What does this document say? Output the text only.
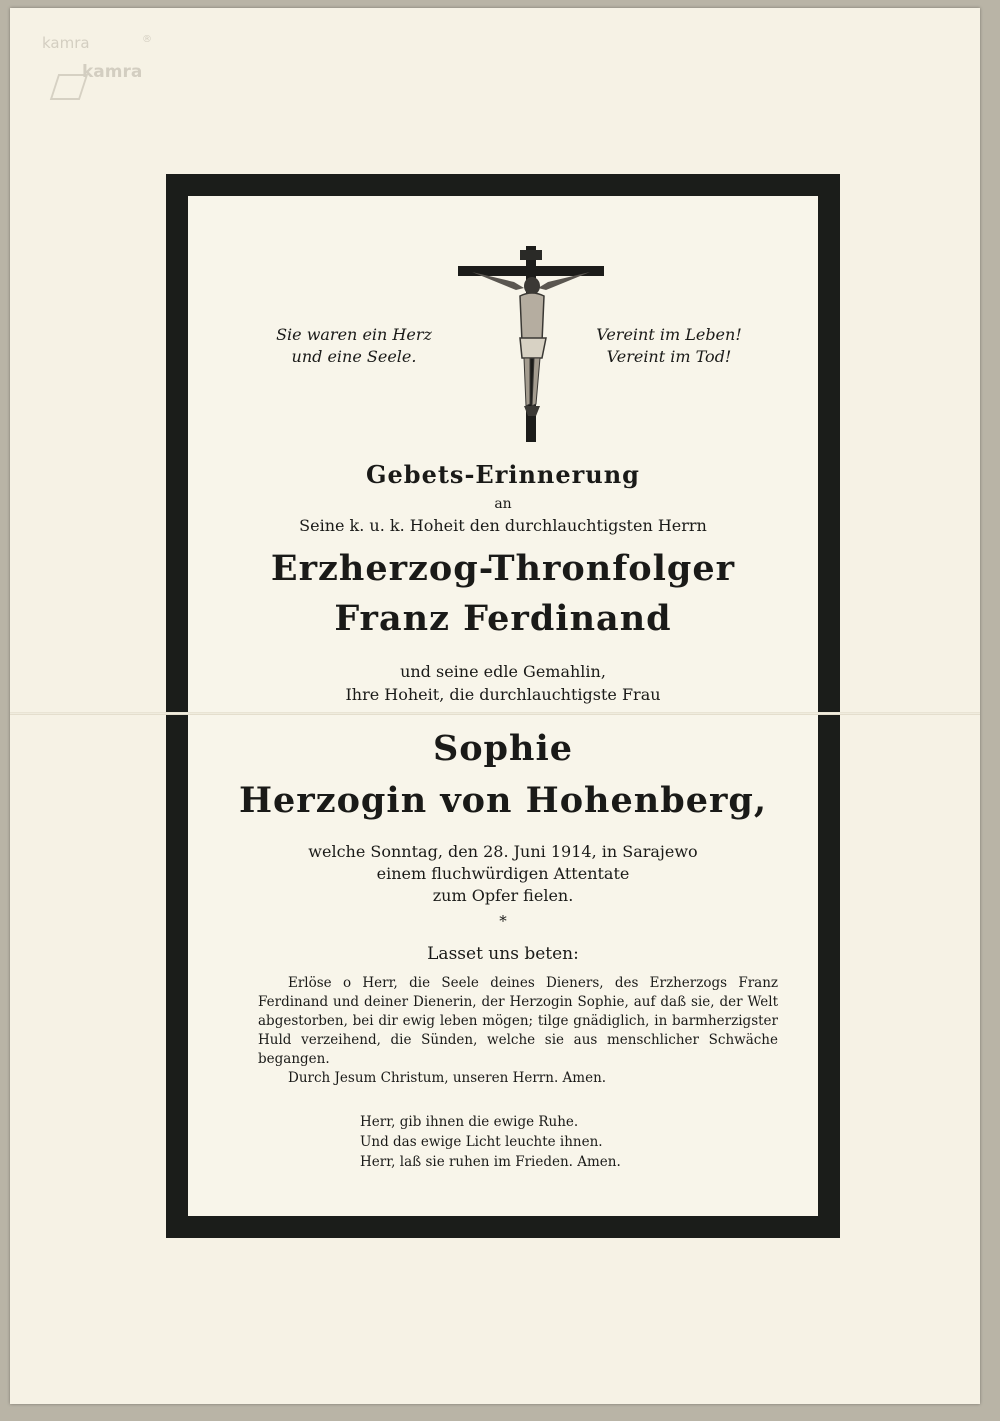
kamra	®
kamra
Sie waren ein Herz
und eine Seele.
Vereint im Leben!
Vereint im Tod!
Gebets-Erinnerung
an
Seine k. u. k. Hoheit den durchlauchtigsten Herrn
Erzherzog-Thronfolger
Franz Ferdinand
und seine edle Gemahlin,
Ihre Hoheit, die durchlauchtigste Frau
Sophie
Herzogin von Hohenberg,
welche Sonntag, den 28. Juni 1914, in Sarajewo
einem fluchwürdigen Attentate
zum Opfer fielen.
*
Lasset uns beten:

Erlöse o Herr, die Seele deines Dieners, des Erzherzogs Franz Ferdinand und deiner Dienerin, der Herzogin Sophie, auf daß sie, der Welt abgestorben, bei dir ewig leben mögen; tilge gnädiglich, in barmherzigster Huld verzeihend, die Sünden, welche sie aus menschlicher Schwäche begangen.

Durch Jesum Christum, unseren Herrn. Amen.

Herr, gib ihnen die ewige Ruhe.
Und das ewige Licht leuchte ihnen.
Herr, laß sie ruhen im Frieden. Amen.
